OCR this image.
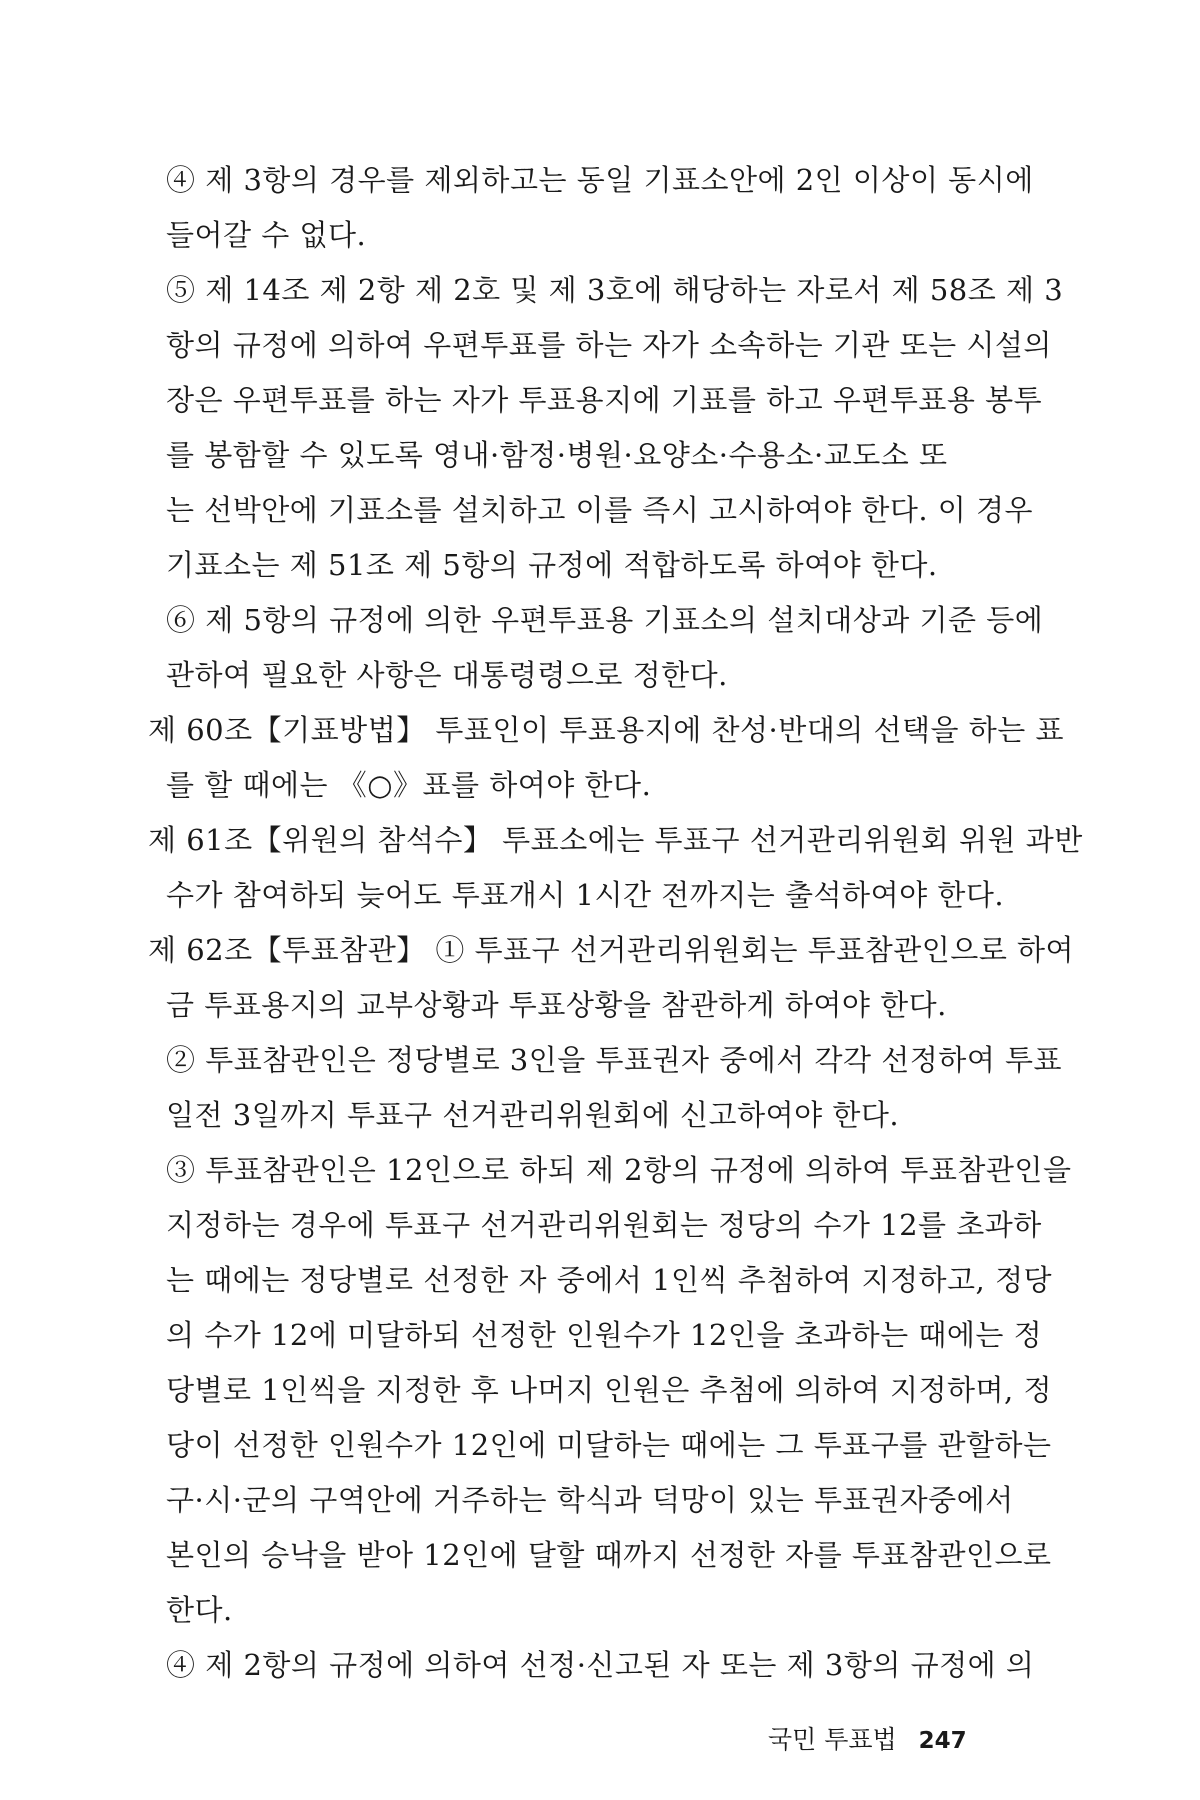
④ 제 3항의 경우를 제외하고는 동일 기표소안에 2인 이상이 동시에
들어갈 수 없다.
⑤ 제 14조 제 2항 제 2호 및 제 3호에 해당하는 자로서 제 58조 제 3
항의 규정에 의하여 우편투표를 하는 자가 소속하는 기관 또는 시설의
장은 우편투표를 하는 자가 투표용지에 기표를 하고 우편투표용 봉투
를 봉함할 수 있도록 영내·함정·병원·요양소·수용소·교도소 또
는 선박안에 기표소를 설치하고 이를 즉시 고시하여야 한다. 이 경우
기표소는 제 51조 제 5항의 규정에 적합하도록 하여야 한다.
⑥ 제 5항의 규정에 의한 우편투표용 기표소의 설치대상과 기준 등에
관하여 필요한 사항은 대통령령으로 정한다.
제 60조【기표방법】 투표인이 투표용지에 찬성·반대의 선택을 하는 표
를 할 때에는 《○》표를 하여야 한다.
제 61조【위원의 참석수】 투표소에는 투표구 선거관리위원회 위원 과반
수가 참여하되 늦어도 투표개시 1시간 전까지는 출석하여야 한다.
제 62조【투표참관】 ① 투표구 선거관리위원회는 투표참관인으로 하여
금 투표용지의 교부상황과 투표상황을 참관하게 하여야 한다.
② 투표참관인은 정당별로 3인을 투표권자 중에서 각각 선정하여 투표
일전 3일까지 투표구 선거관리위원회에 신고하여야 한다.
③ 투표참관인은 12인으로 하되 제 2항의 규정에 의하여 투표참관인을
지정하는 경우에 투표구 선거관리위원회는 정당의 수가 12를 초과하
는 때에는 정당별로 선정한 자 중에서 1인씩 추첨하여 지정하고, 정당
의 수가 12에 미달하되 선정한 인원수가 12인을 초과하는 때에는 정
당별로 1인씩을 지정한 후 나머지 인원은 추첨에 의하여 지정하며, 정
당이 선정한 인원수가 12인에 미달하는 때에는 그 투표구를 관할하는
구·시·군의 구역안에 거주하는 학식과 덕망이 있는 투표권자중에서
본인의 승낙을 받아 12인에 달할 때까지 선정한 자를 투표참관인으로
한다.
④ 제 2항의 규정에 의하여 선정·신고된 자 또는 제 3항의 규정에 의
국민 투표법 247
